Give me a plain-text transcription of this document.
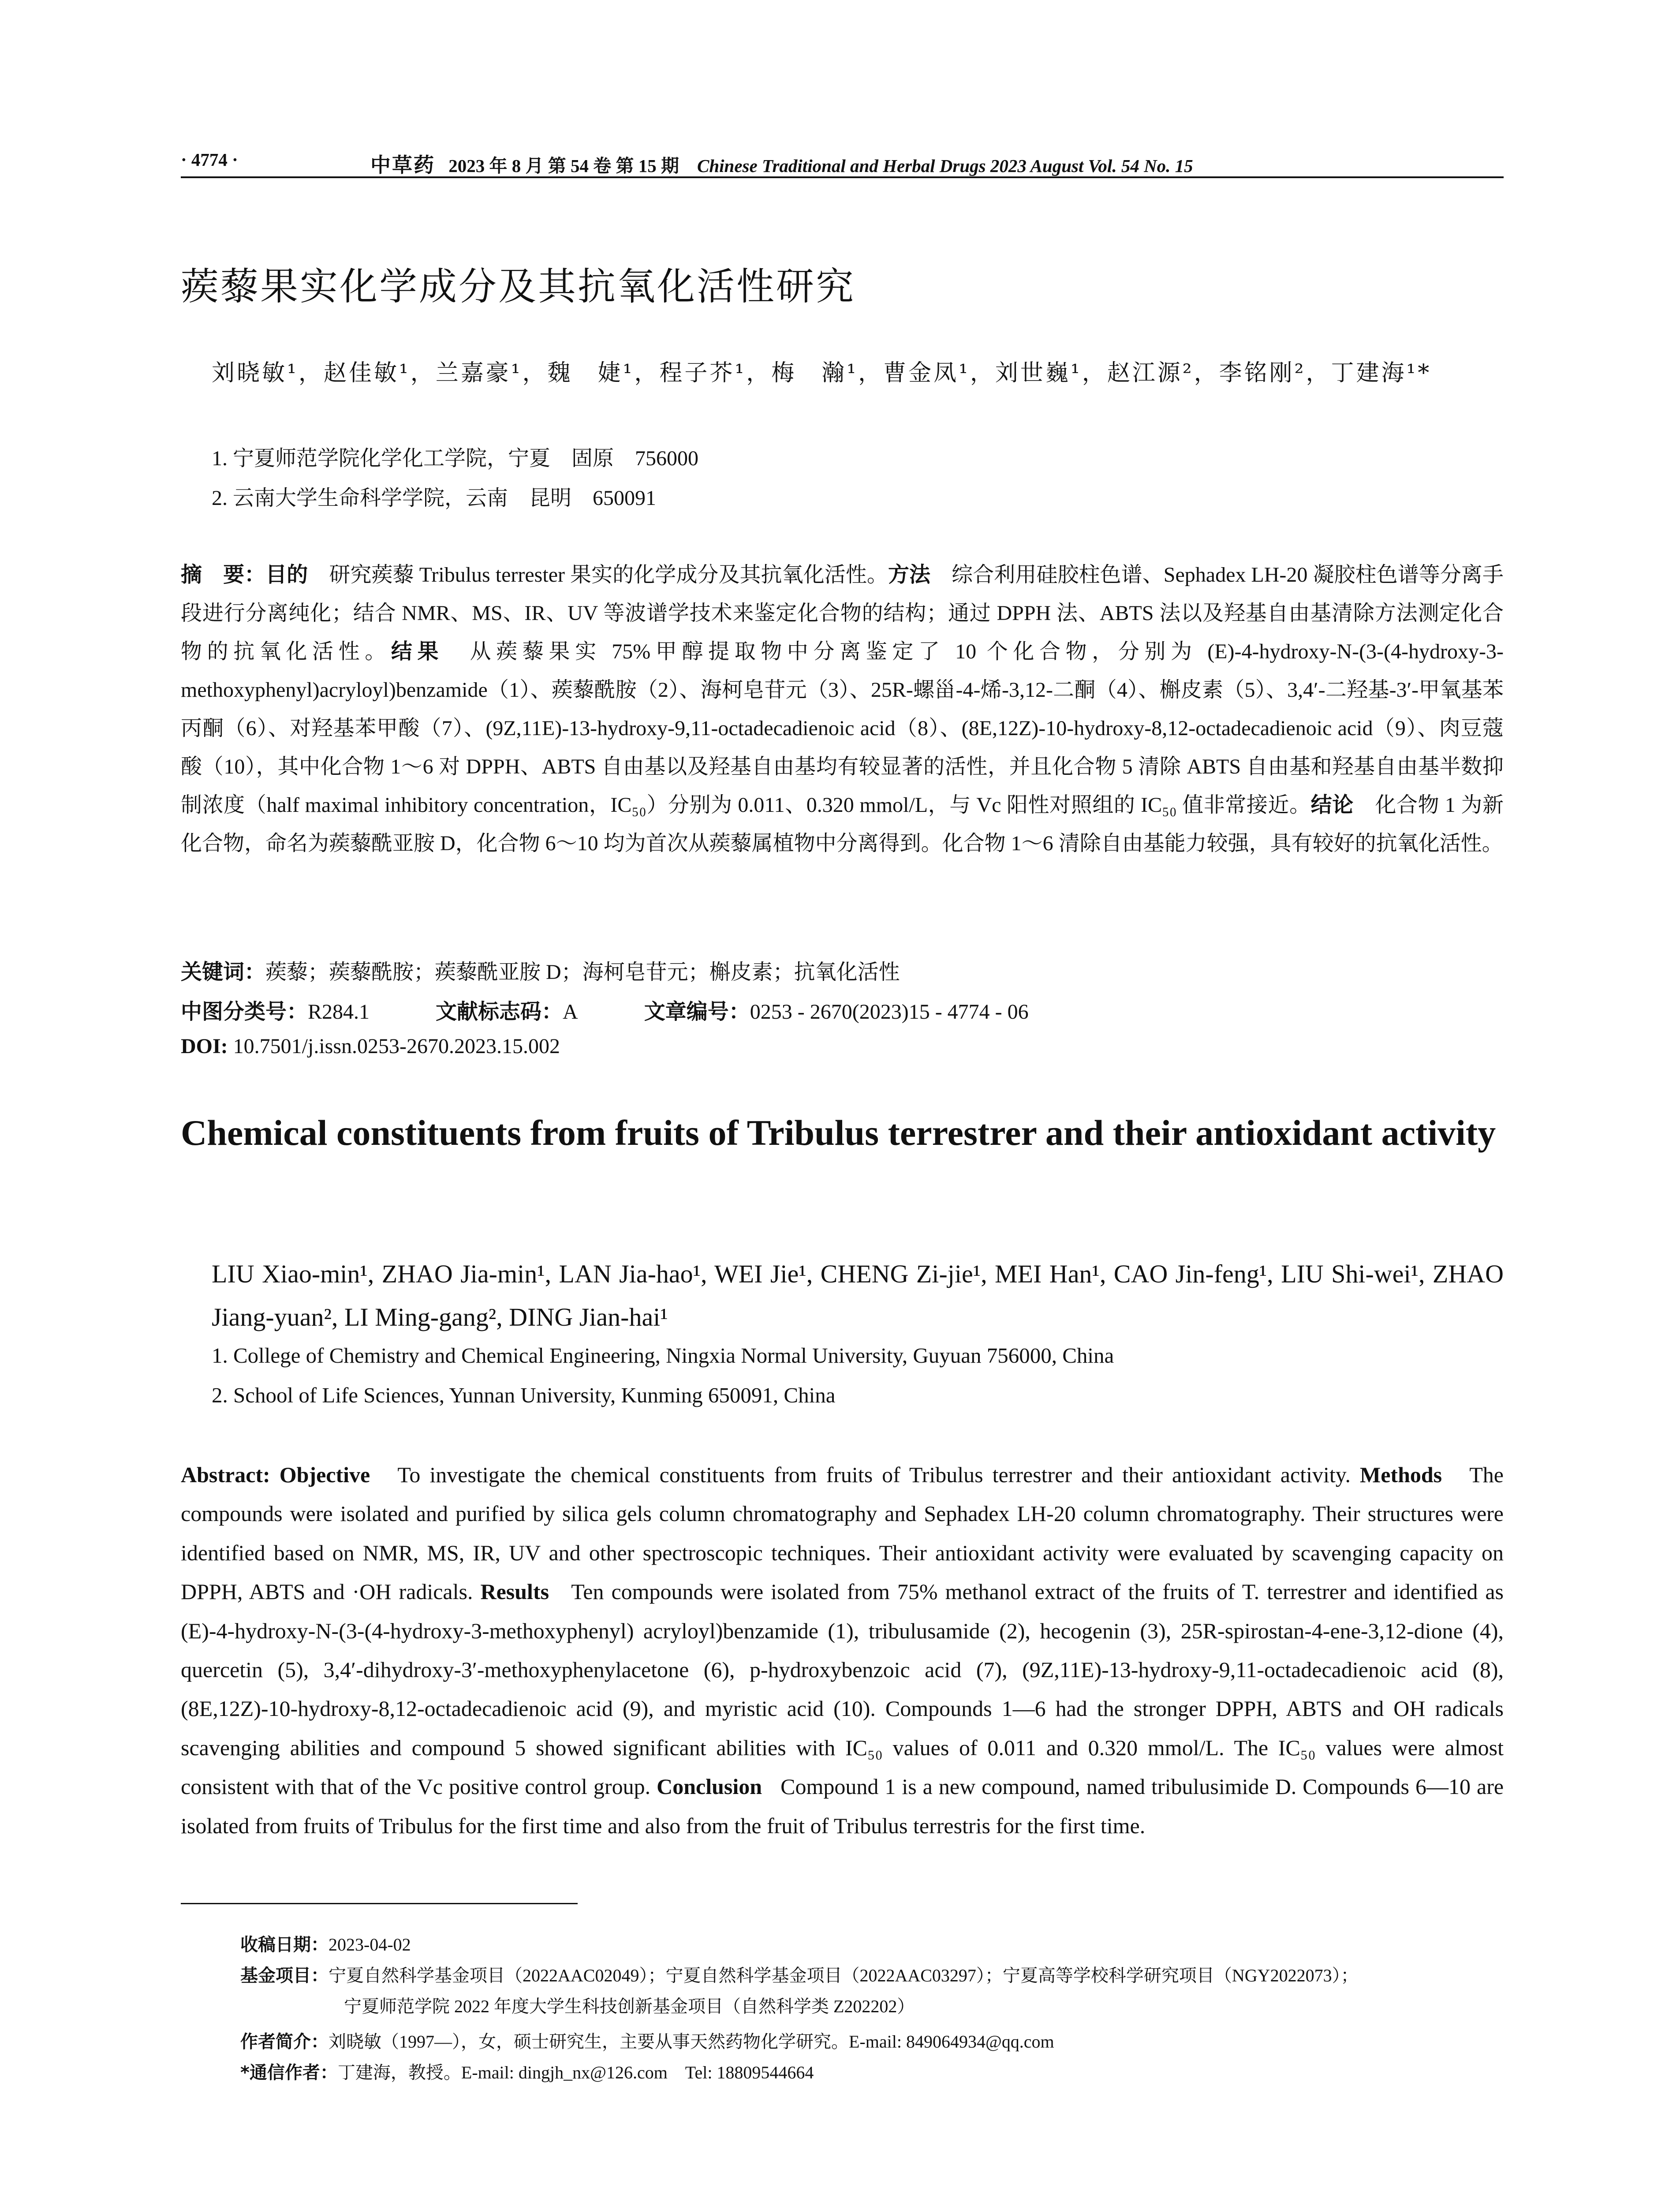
· 4774 ·	中草药 2023 年 8 月 第 54 卷 第 15 期 Chinese Traditional and Herbal Drugs 2023 August Vol. 54 No. 15
蒺藜果实化学成分及其抗氧化活性研究
刘晓敏¹，赵佳敏¹，兰嘉豪¹，魏　婕¹，程子芥¹，梅　瀚¹，曹金凤¹，刘世巍¹，赵江源²，李铭刚²，丁建海¹*
1. 宁夏师范学院化学化工学院，宁夏　固原　756000
2. 云南大学生命科学学院，云南　昆明　650091
摘　要：目的　研究蒺藜 Tribulus terrester 果实的化学成分及其抗氧化活性。方法　综合利用硅胶柱色谱、Sephadex LH-20 凝胶柱色谱等分离手段进行分离纯化；结合 NMR、MS、IR、UV 等波谱学技术来鉴定化合物的结构；通过 DPPH 法、ABTS 法以及羟基自由基清除方法测定化合物的抗氧化活性。结果　从蒺藜果实 75%甲醇提取物中分离鉴定了 10 个化合物，分别为 (E)-4-hydroxy-N-(3-(4-hydroxy-3-methoxyphenyl)acryloyl)benzamide（1）、蒺藜酰胺（2）、海柯皂苷元（3）、25R-螺甾-4-烯-3,12-二酮（4）、槲皮素（5）、3,4′-二羟基-3′-甲氧基苯丙酮（6）、对羟基苯甲酸（7）、(9Z,11E)-13-hydroxy-9,11-octadecadienoic acid（8）、(8E,12Z)-10-hydroxy-8,12-octadecadienoic acid（9）、肉豆蔻酸（10），其中化合物 1～6 对 DPPH、ABTS 自由基以及羟基自由基均有较显著的活性，并且化合物 5 清除 ABTS 自由基和羟基自由基半数抑制浓度（half maximal inhibitory concentration，IC₅₀）分别为 0.011、0.320 mmol/L，与 Vc 阳性对照组的 IC₅₀ 值非常接近。结论　化合物 1 为新化合物，命名为蒺藜酰亚胺 D，化合物 6～10 均为首次从蒺藜属植物中分离得到。化合物 1～6 清除自由基能力较强，具有较好的抗氧化活性。
关键词：蒺藜；蒺藜酰胺；蒺藜酰亚胺 D；海柯皂苷元；槲皮素；抗氧化活性
中图分类号：R284.1	文献标志码：A	文章编号：0253 - 2670(2023)15 - 4774 - 06
DOI: 10.7501/j.issn.0253-2670.2023.15.002
Chemical constituents from fruits of Tribulus terrestrer and their antioxidant activity
LIU Xiao-min¹, ZHAO Jia-min¹, LAN Jia-hao¹, WEI Jie¹, CHENG Zi-jie¹, MEI Han¹, CAO Jin-feng¹, LIU Shi-wei¹, ZHAO Jiang-yuan², LI Ming-gang², DING Jian-hai¹
1. College of Chemistry and Chemical Engineering, Ningxia Normal University, Guyuan 756000, China
2. School of Life Sciences, Yunnan University, Kunming 650091, China
Abstract: Objective To investigate the chemical constituents from fruits of Tribulus terrestrer and their antioxidant activity. Methods The compounds were isolated and purified by silica gels column chromatography and Sephadex LH-20 column chromatography. Their structures were identified based on NMR, MS, IR, UV and other spectroscopic techniques. Their antioxidant activity were evaluated by scavenging capacity on DPPH, ABTS and ·OH radicals. Results Ten compounds were isolated from 75% methanol extract of the fruits of T. terrestrer and identified as (E)-4-hydroxy-N-(3-(4-hydroxy-3-methoxyphenyl) acryloyl)benzamide (1), tribulusamide (2), hecogenin (3), 25R-spirostan-4-ene-3,12-dione (4), quercetin (5), 3,4′-dihydroxy-3′-methoxyphenylacetone (6), p-hydroxybenzoic acid (7), (9Z,11E)-13-hydroxy-9,11-octadecadienoic acid (8), (8E,12Z)-10-hydroxy-8,12-octadecadienoic acid (9), and myristic acid (10). Compounds 1—6 had the stronger DPPH, ABTS and OH radicals scavenging abilities and compound 5 showed significant abilities with IC₅₀ values of 0.011 and 0.320 mmol/L. The IC₅₀ values were almost consistent with that of the Vc positive control group. Conclusion Compound 1 is a new compound, named tribulusimide D. Compounds 6—10 are isolated from fruits of Tribulus for the first time and also from the fruit of Tribulus terrestris for the first time.
收稿日期：2023-04-02
基金项目：宁夏自然科学基金项目（2022AAC02049）；宁夏自然科学基金项目（2022AAC03297）；宁夏高等学校科学研究项目（NGY2022073）；
宁夏师范学院 2022 年度大学生科技创新基金项目（自然科学类 Z202202）
作者简介：刘晓敏（1997—），女，硕士研究生，主要从事天然药物化学研究。E-mail: 849064934@qq.com
*通信作者：丁建海，教授。E-mail: dingjh_nx@126.com　Tel: 18809544664
